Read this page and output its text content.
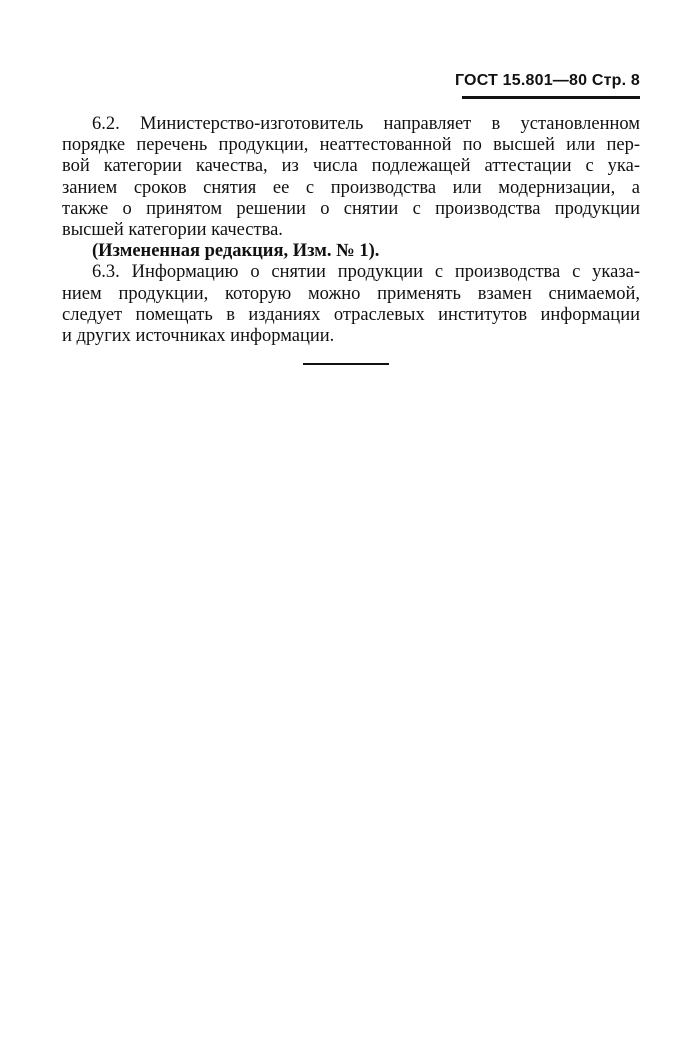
ГОСТ 15.801—80 Стр. 8
6.2. Министерство-изготовитель направляет в установленном
порядке перечень продукции, неаттестованной по высшей или пер-
вой категории качества, из числа подлежащей аттестации с ука-
занием сроков снятия ее с производства или модернизации, а
также о принятом решении о снятии с производства продукции
высшей категории качества.
(Измененная редакция, Изм. № 1).
6.3. Информацию о снятии продукции с производства с указа-
нием продукции, которую можно применять взамен снимаемой,
следует помещать в изданиях отраслевых институтов информации
и других источниках информации.
